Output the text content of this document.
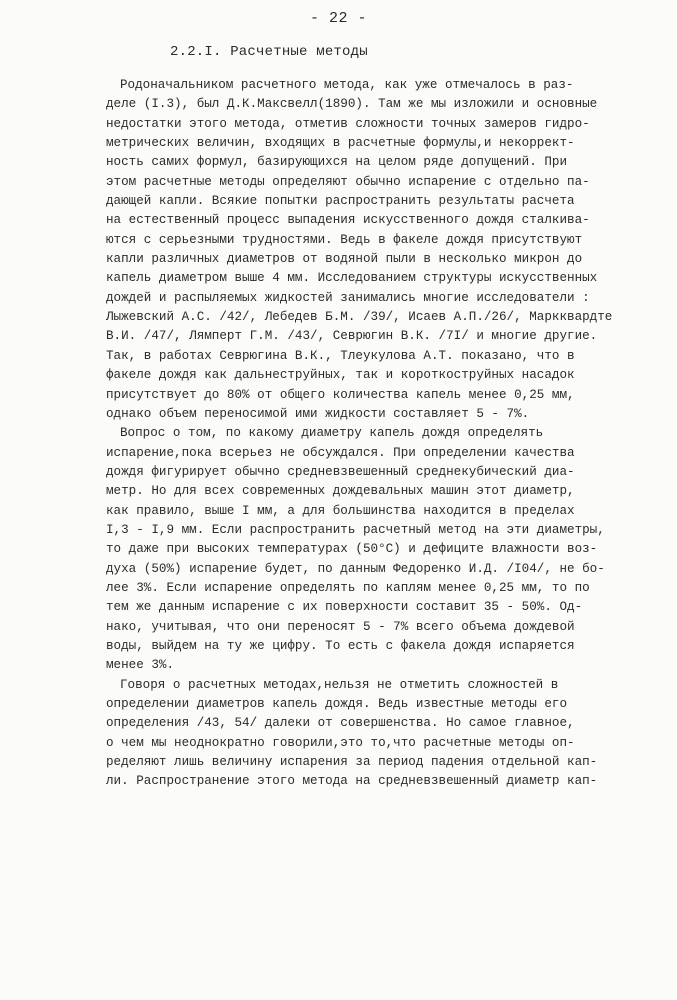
- 22 -
2.2.I. Расчетные методы
Родоначальником расчетного метода, как уже отмечалось в раз-
деле (I.3), был Д.К.Максвелл(1890). Там же мы изложили и основные
недостатки этого метода, отметив сложности точных замеров гидро-
метрических величин, входящих в расчетные формулы,и некоррект-
ность самих формул, базирующихся на целом ряде допущений. При
этом расчетные методы определяют обычно испарение с отдельно па-
дающей капли. Всякие попытки распространить результаты расчета
на естественный процесс выпадения искусственного дождя сталкива-
ются с серьезными трудностями. Ведь в факеле дождя присутствуют
капли различных диаметров от водяной пыли в несколько микрон до
капель диаметром выше 4 мм. Исследованием структуры искусственных
дождей и распыляемых жидкостей занимались многие исследователи :
Лыжевский А.С. /42/, Лебедев Б.М. /39/, Исаев А.П./26/, Маркквардте
В.И. /47/, Лямперт Г.М. /43/, Севрюгин В.К. /7I/ и многие другие.
Так, в работах Севрюгина В.К., Тлеукулова А.Т. показано, что в
факеле дождя как дальнеструйных, так и короткоструйных насадок
присутствует до 80% от общего количества капель менее 0,25 мм,
однако объем переносимой ими жидкости составляет 5 - 7%.
Вопрос о том, по какому диаметру капель дождя определять
испарение,пока всерьез не обсуждался. При определении качества
дождя фигурирует обычно средневзвешенный среднекубический диа-
метр. Но для всех современных дождевальных машин этот диаметр,
как правило, выше I мм, а для большинства находится в пределах
I,3 - I,9 мм. Если распространить расчетный метод на эти диаметры,
то даже при высоких температурах (50°С) и дефиците влажности воз-
духа (50%) испарение будет, по данным Федоренко И.Д. /I04/, не бо-
лее 3%. Если испарение определять по каплям менее 0,25 мм, то по
тем же данным испарение с их поверхности составит 35 - 50%. Од-
нако, учитывая, что они переносят 5 - 7% всего объема дождевой
воды, выйдем на ту же цифру. То есть с факела дождя испаряется
менее 3%.
Говоря о расчетных методах,нельзя не отметить сложностей в
определении диаметров капель дождя. Ведь известные методы его
определения /43, 54/ далеки от совершенства. Но самое главное,
о чем мы неоднократно говорили,это то,что расчетные методы оп-
ределяют лишь величину испарения за период падения отдельной кап-
ли. Распространение этого метода на средневзвешенный диаметр кап-
